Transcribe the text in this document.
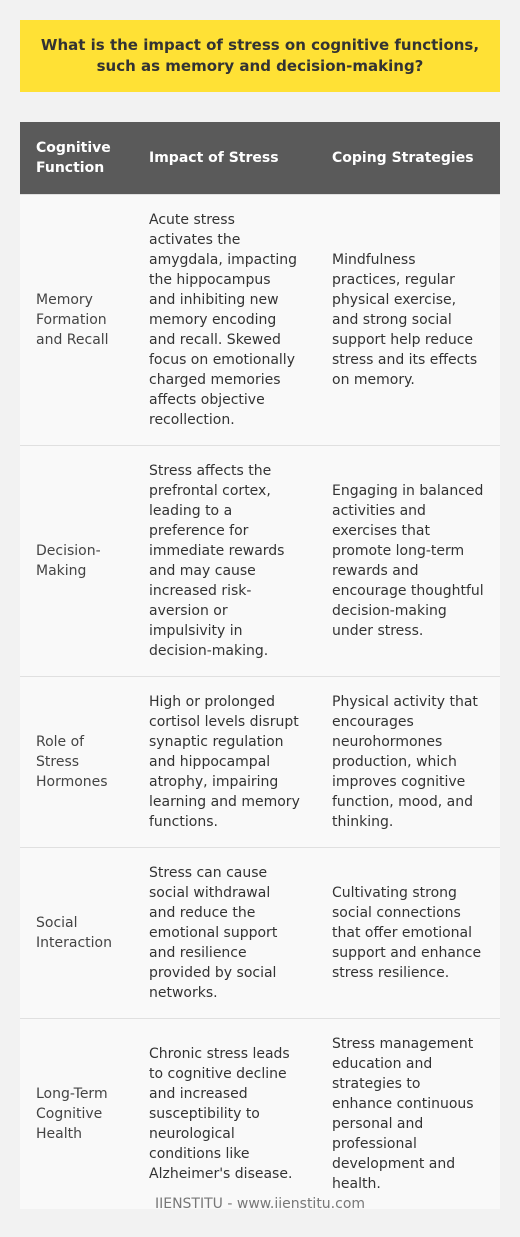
What is the impact of stress on cognitive functions, such as memory and decision-making?
Cognitive Function	Impact of Stress	Coping Strategies
Memory Formation and Recall	Acute stress activates the amygdala, impacting the hippocampus and inhibiting new memory encoding and recall. Skewed focus on emotionally charged memories affects objective recollection.	Mindfulness practices, regular physical exercise, and strong social support help reduce stress and its effects on memory.
Decision-Making	Stress affects the prefrontal cortex, leading to a preference for immediate rewards and may cause increased risk-aversion or impulsivity in decision-making.	Engaging in balanced activities and exercises that promote long-term rewards and encourage thoughtful decision-making under stress.
Role of Stress Hormones	High or prolonged cortisol levels disrupt synaptic regulation and hippocampal atrophy, impairing learning and memory functions.	Physical activity that encourages neurohormones production, which improves cognitive function, mood, and thinking.
Social Interaction	Stress can cause social withdrawal and reduce the emotional support and resilience provided by social networks.	Cultivating strong social connections that offer emotional support and enhance stress resilience.
Long-Term Cognitive Health	Chronic stress leads to cognitive decline and increased susceptibility to neurological conditions like Alzheimer's disease.	Stress management education and strategies to enhance continuous personal and professional development and health.
IIENSTITU - www.iienstitu.com
